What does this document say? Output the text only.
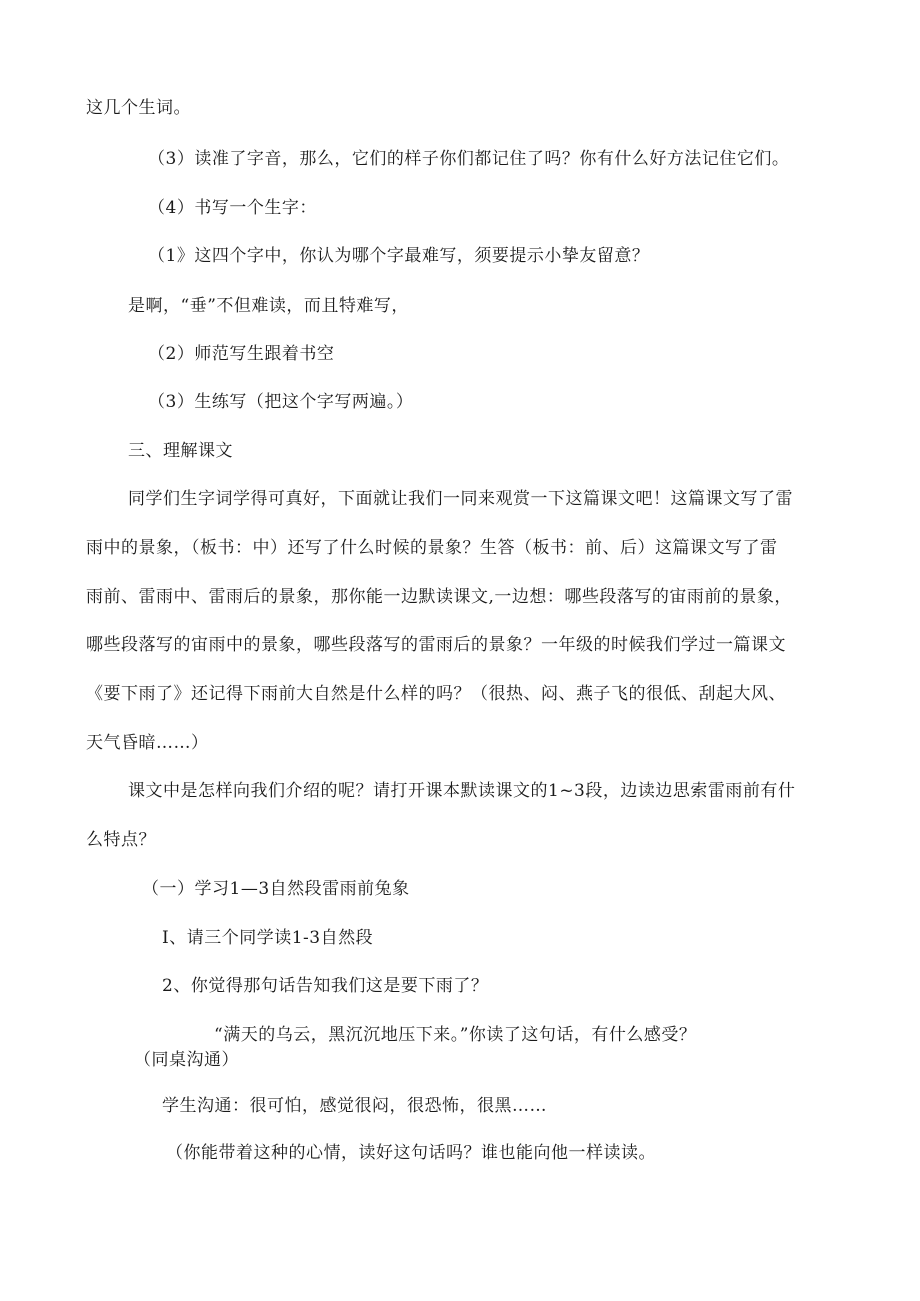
这几个生词。
（3）读准了字音，那么，它们的样子你们都记住了吗？你有什么好方法记住它们。
（4）书写一个生字：
（1》这四个字中，你认为哪个字最难写，须要提示小挚友留意？
是啊，“垂”不但难读，而且特难写，
（2）师范写生跟着书空
（3）生练写（把这个字写两遍。）
三、理解课文
同学们生字词学得可真好，下面就让我们一同来观赏一下这篇课文吧！这篇课文写了雷
雨中的景象，（板书：中）还写了什么时候的景象？生答（板书：前、后）这篇课文写了雷
雨前、雷雨中、雷雨后的景象，那你能一边默读课文,一边想：哪些段落写的宙雨前的景象，
哪些段落写的宙雨中的景象，哪些段落写的雷雨后的景象？一年级的时候我们学过一篇课文
《要下雨了》还记得下雨前大自然是什么样的吗？（很热、闷、燕子飞的很低、刮起大风、
天气昏暗……）
课文中是怎样向我们介绍的呢？请打开课本默读课文的1~3段，边读边思索雷雨前有什
么特点？
（一）学习1—3自然段雷雨前兔象
I、请三个同学读1-3自然段
2、你觉得那句话告知我们这是要下雨了？
“满天的乌云，黑沉沉地压下来。”你读了这句话，有什么感受？
（同桌沟通）
学生沟通：很可怕，感觉很闷，很恐怖，很黑……
（你能带着这种的心情，读好这句话吗？谁也能向他一样读读。
